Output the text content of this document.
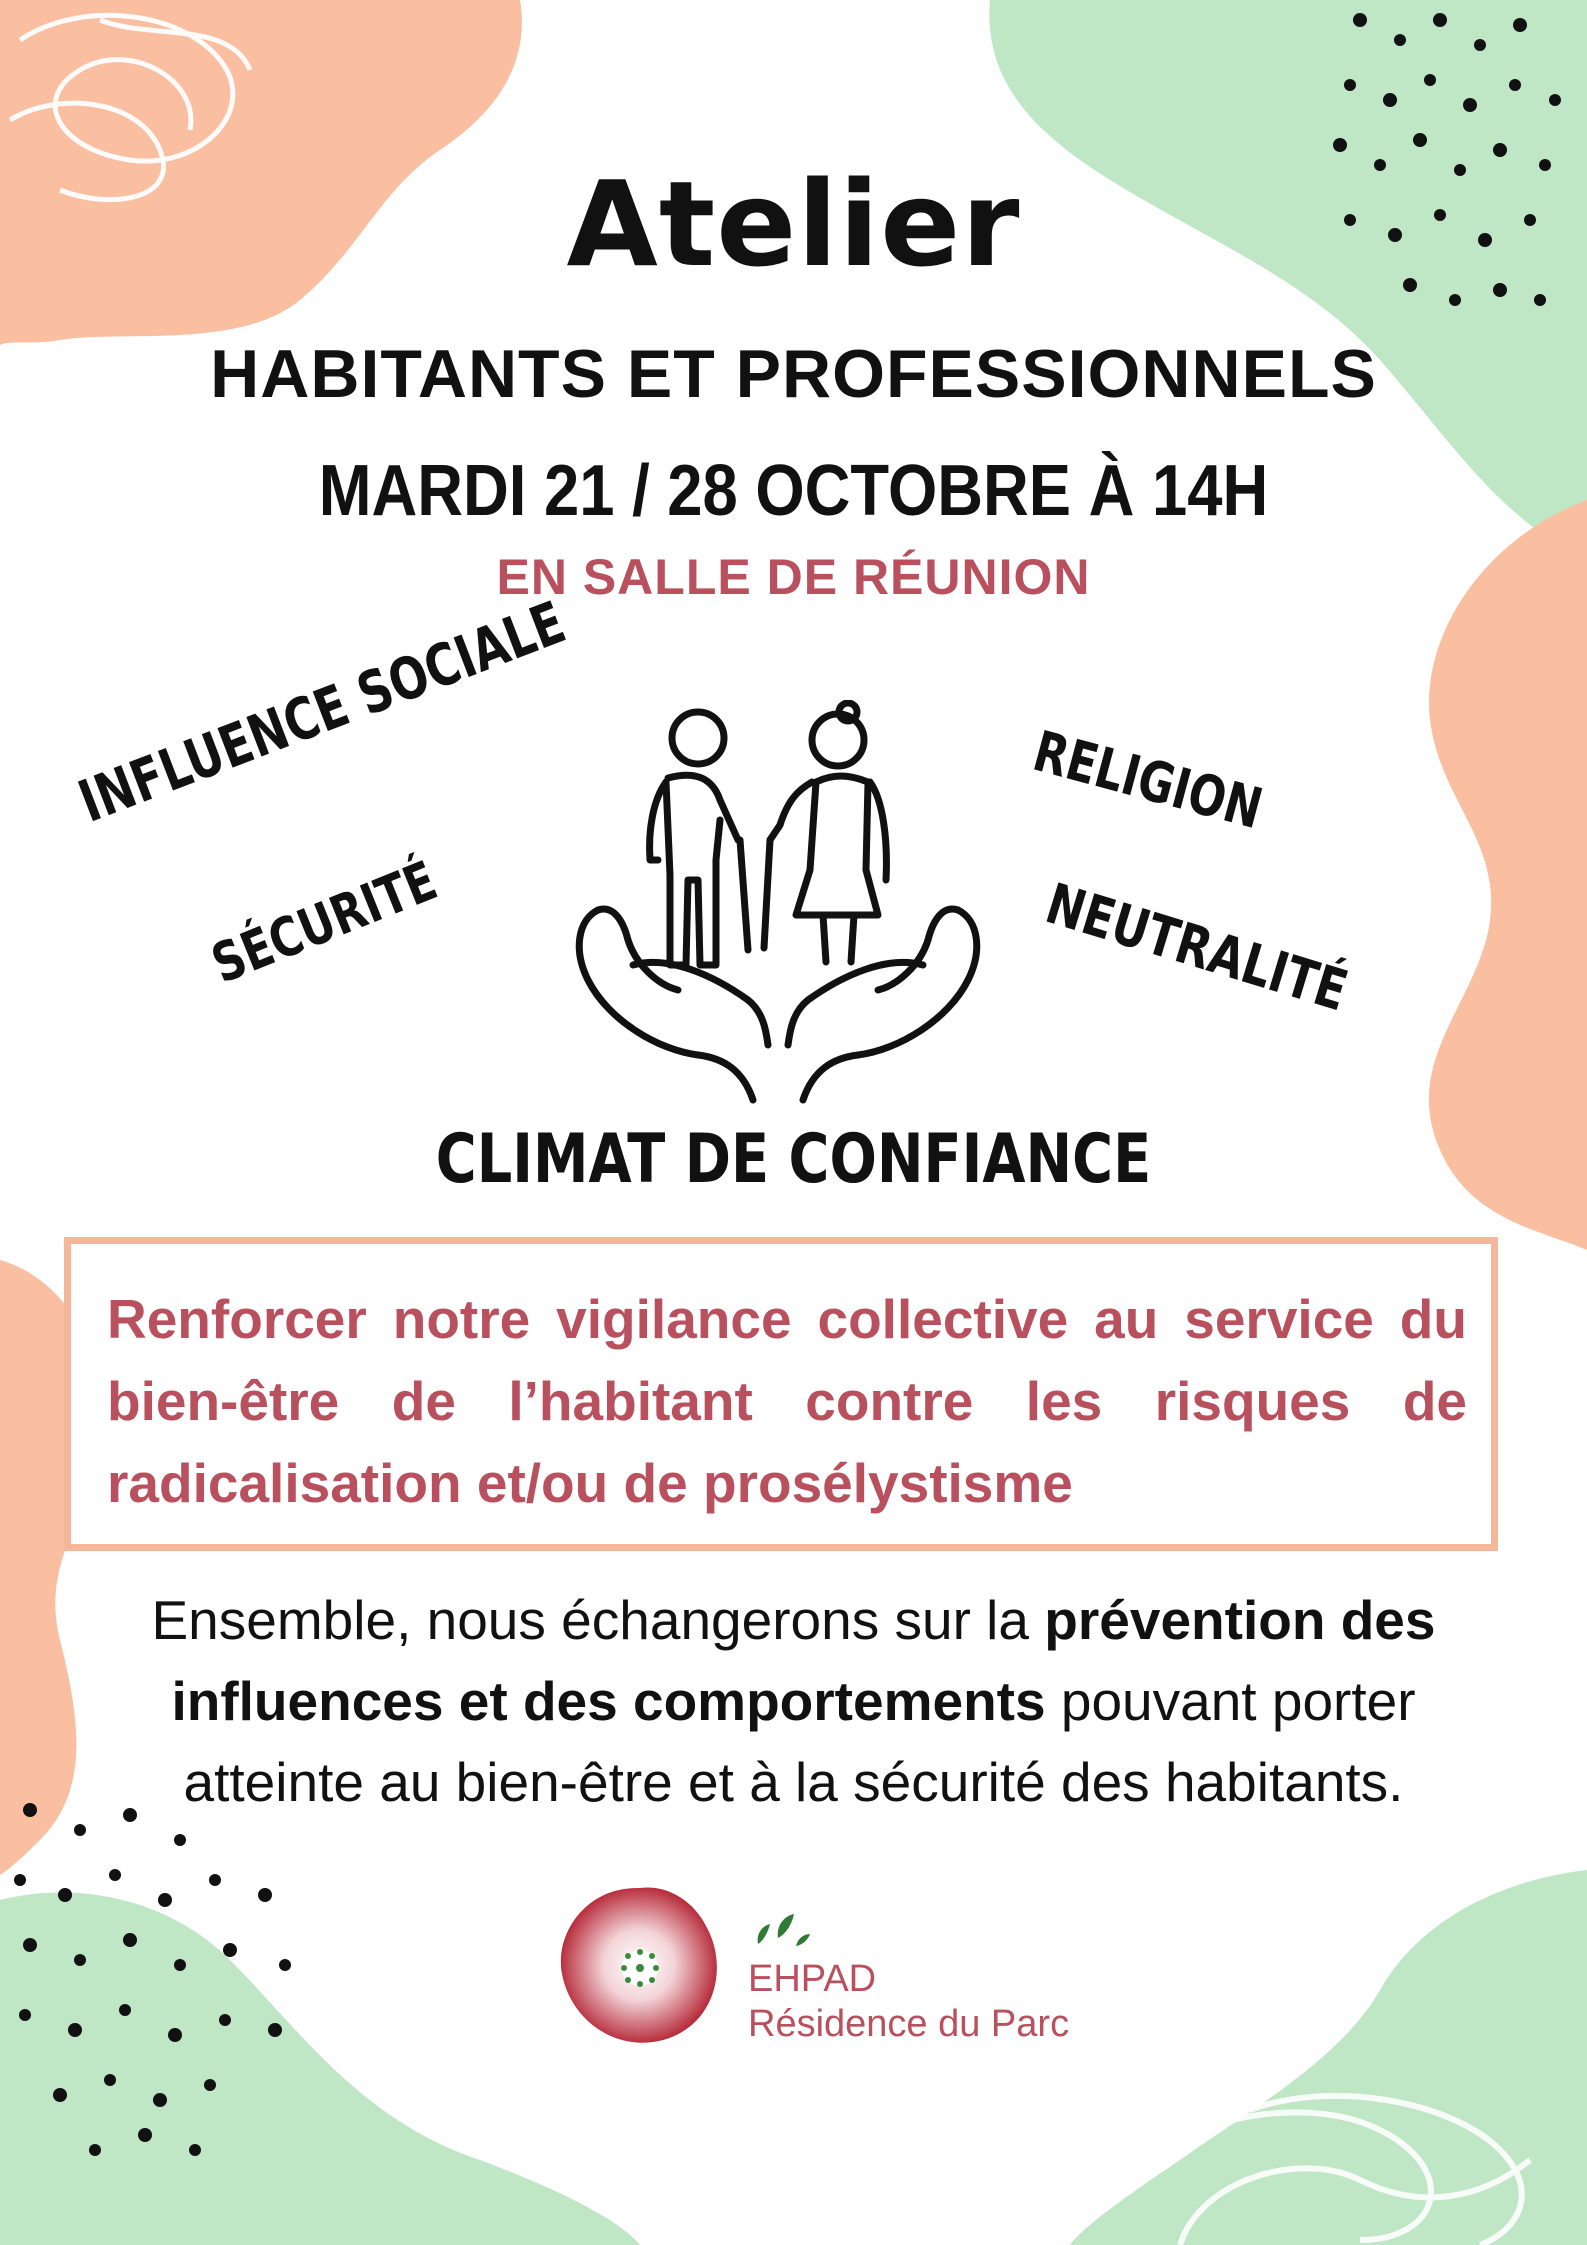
Atelier
HABITANTS ET PROFESSIONNELS
MARDI 21 / 28 OCTOBRE À 14H
EN SALLE DE RÉUNION
INFLUENCE SOCIALE
SÉCURITÉ
RELIGION
NEUTRALITÉ
CLIMAT DE CONFIANCE
Renforcer notre vigilance collective au service du bien-être de l’habitant contre les risques de radicalisation et/ou de prosélystisme
Ensemble, nous échangerons sur la prévention des influences et des comportements pouvant porter atteinte au bien-être et à la sécurité des habitants.
EHPAD
Résidence du Parc
